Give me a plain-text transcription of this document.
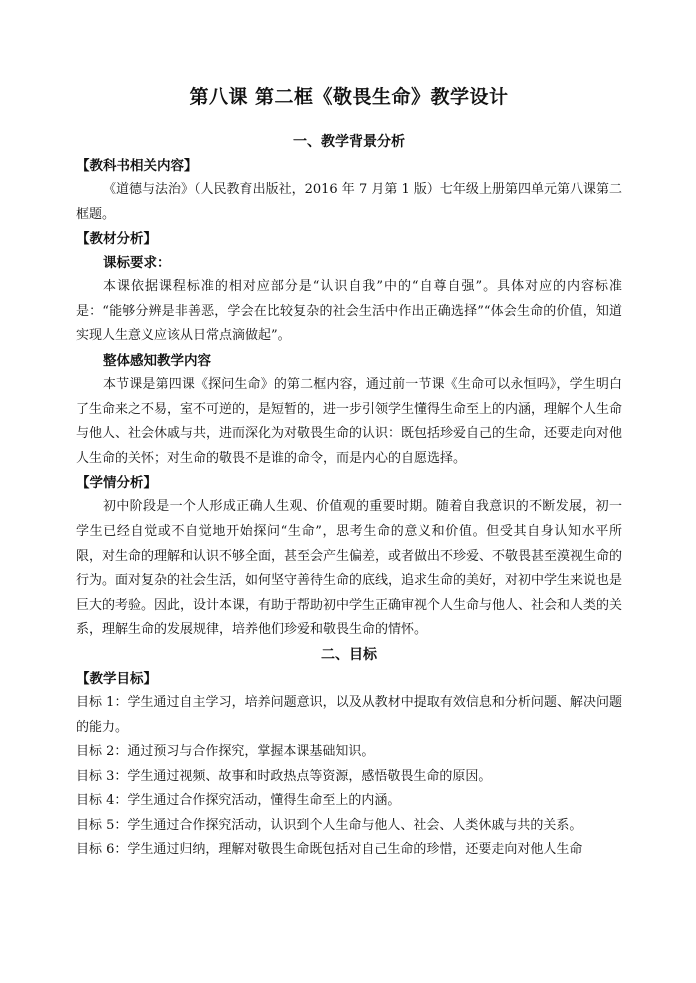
第八课 第二框《敬畏生命》教学设计
一、教学背景分析
【教科书相关内容】

《道德与法治》（人民教育出版社，2016 年 7 月第 1 版）七年级上册第四单元第八课第二框题。

【教材分析】
课标要求：

本课依据课程标准的相对应部分是“认识自我”中的“自尊自强”。具体对应的内容标准是：“能够分辨是非善恶，学会在比较复杂的社会生活中作出正确选择”“体会生命的价值，知道实现人生意义应该从日常点滴做起”。

整体感知教学内容

本节课是第四课《探问生命》的第二框内容，通过前一节课《生命可以永恒吗》，学生明白了生命来之不易，室不可逆的，是短暂的，进一步引领学生懂得生命至上的内涵，理解个人生命与他人、社会休戚与共，进而深化为对敬畏生命的认识：既包括珍爱自己的生命，还要走向对他人生命的关怀；对生命的敬畏不是谁的命令，而是内心的自愿选择。

【学情分析】

初中阶段是一个人形成正确人生观、价值观的重要时期。随着自我意识的不断发展，初一学生已经自觉或不自觉地开始探问“生命”，思考生命的意义和价值。但受其自身认知水平所限，对生命的理解和认识不够全面，甚至会产生偏差，或者做出不珍爱、不敬畏甚至漠视生命的行为。面对复杂的社会生活，如何坚守善待生命的底线，追求生命的美好，对初中学生来说也是巨大的考验。因此，设计本课，有助于帮助初中学生正确审视个人生命与他人、社会和人类的关系，理解生命的发展规律，培养他们珍爱和敬畏生命的情怀。

二、目标
【教学目标】

目标 1：学生通过自主学习，培养问题意识，以及从教材中提取有效信息和分析问题、解决问题的能力。

目标 2：通过预习与合作探究，掌握本课基础知识。

目标 3：学生通过视频、故事和时政热点等资源，感悟敬畏生命的原因。

目标 4：学生通过合作探究活动，懂得生命至上的内涵。

目标 5：学生通过合作探究活动，认识到个人生命与他人、社会、人类休戚与共的关系。

目标 6：学生通过归纳，理解对敬畏生命既包括对自己生命的珍惜，还要走向对他人生命
